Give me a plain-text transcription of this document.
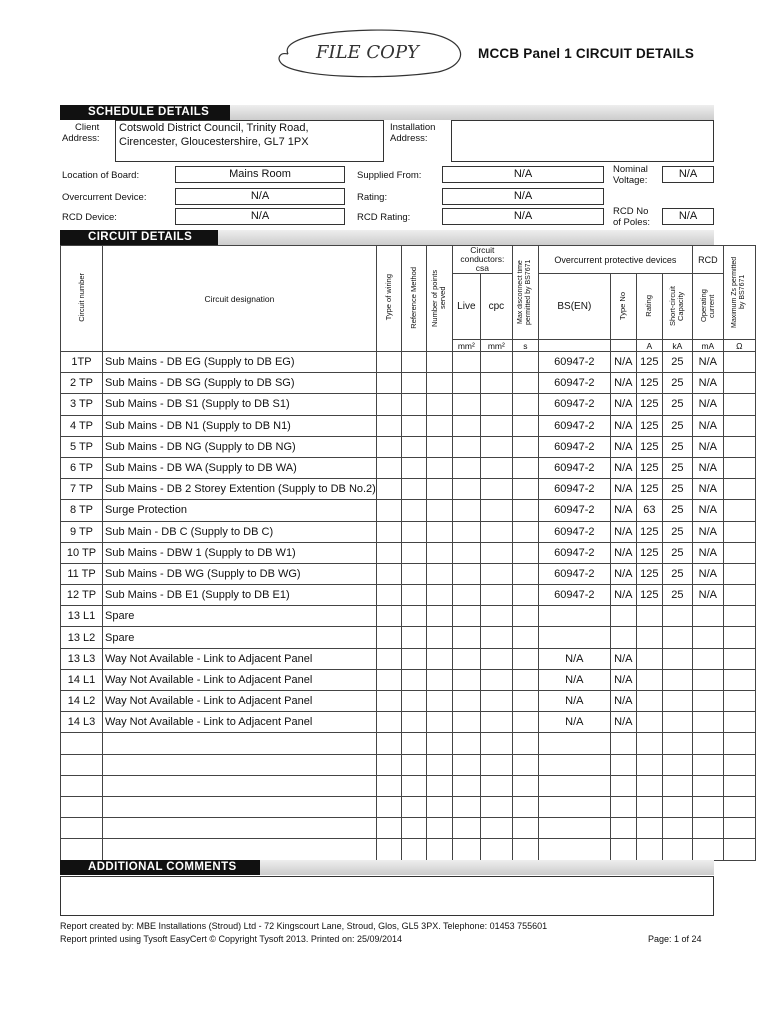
FILE COPY	MCCB Panel 1 CIRCUIT DETAILS
SCHEDULE DETAILS
Client
Address:
Cotswold District Council, Trinity Road,
Cirencester, Gloucestershire, GL7 1PX
Installation
Address:
Location of Board:	Mains Room
Overcurrent Device:	N/A
RCD Device:	N/A
Supplied From:	N/A
Rating:	N/A
RCD Rating:	N/A
Nominal
Voltage:
N/A
RCD No
of Poles:
N/A
CIRCUIT DETAILS
Circuit number	Circuit designation	Type of wiring	Reference Method	Number of points served	Circuit conductors: csa		Max disconnect time permitted by BS7671	Overcurrent protective devices				RCD	Maximum Zs permitted by BS7671
					Live	cpc		BS(EN)	Type No	Rating	Short-circuit Capacity	Operating current	
					mm²	mm²	s			A	kA	mA	Ω
1TP	Sub Mains - DB EG (Supply to DB EG)							60947-2	N/A	125	25	N/A	
2 TP	Sub Mains - DB SG (Supply to DB SG)							60947-2	N/A	125	25	N/A	
3 TP	Sub Mains - DB S1 (Supply to DB S1)							60947-2	N/A	125	25	N/A	
4 TP	Sub Mains - DB N1 (Supply to DB N1)							60947-2	N/A	125	25	N/A	
5 TP	Sub Mains - DB NG (Supply to DB NG)							60947-2	N/A	125	25	N/A	
6 TP	Sub Mains - DB WA (Supply to DB WA)							60947-2	N/A	125	25	N/A	
7 TP	Sub Mains - DB 2 Storey Extention (Supply to DB No.2)							60947-2	N/A	125	25	N/A	
8 TP	Surge Protection							60947-2	N/A	63	25	N/A	
9 TP	Sub Main - DB C (Supply to DB C)							60947-2	N/A	125	25	N/A	
10 TP	Sub Mains - DBW 1 (Supply to DB W1)							60947-2	N/A	125	25	N/A	
11 TP	Sub Mains - DB WG (Supply to DB WG)							60947-2	N/A	125	25	N/A	
12 TP	Sub Mains - DB E1 (Supply to DB E1)							60947-2	N/A	125	25	N/A	
13 L1	Spare												
13 L2	Spare												
13 L3	Way Not Available - Link to Adjacent Panel							N/A	N/A				
14 L1	Way Not Available - Link to Adjacent Panel							N/A	N/A				
14 L2	Way Not Available - Link to Adjacent Panel							N/A	N/A				
14 L3	Way Not Available - Link to Adjacent Panel							N/A	N/A				

ADDITIONAL COMMENTS
Report created by: MBE Installations (Stroud) Ltd - 72 Kingscourt Lane, Stroud, Glos, GL5 3PX. Telephone: 01453 755601
Report printed using Tysoft EasyCert © Copyright Tysoft 2013. Printed on: 25/09/2014	Page: 1 of 24
